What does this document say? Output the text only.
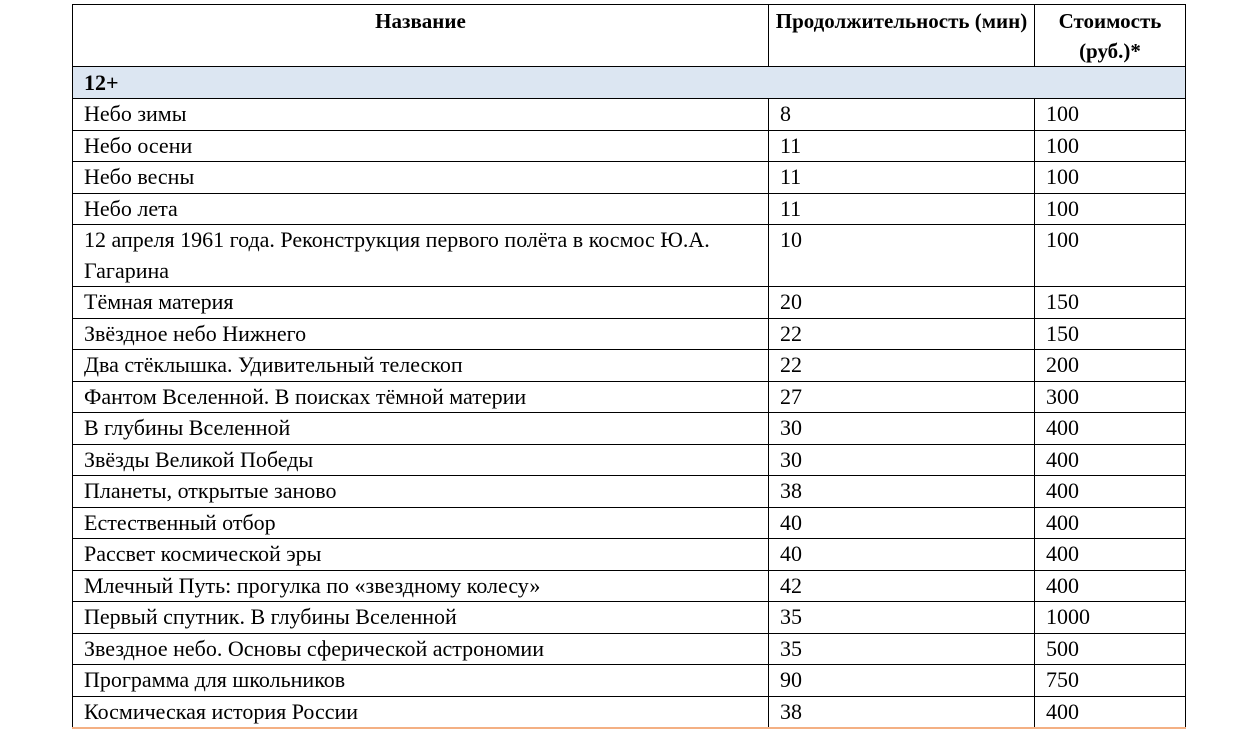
Название	Продолжительность (мин)	Стоимость (руб.)*
12+		
Небо зимы	8	100
Небо осени	11	100
Небо весны	11	100
Небо лета	11	100
12 апреля 1961 года. Реконструкция первого полёта в космос Ю.А. Гагарина	10	100
Тёмная материя	20	150
Звёздное небо Нижнего	22	150
Два стёклышка. Удивительный телескоп	22	200
Фантом Вселенной. В поисках тёмной материи	27	300
В глубины Вселенной	30	400
Звёзды Великой Победы	30	400
Планеты, открытые заново	38	400
Естественный отбор	40	400
Рассвет космической эры	40	400
Млечный Путь: прогулка по «звездному колесу»	42	400
Первый спутник. В глубины Вселенной	35	1000
Звездное небо. Основы сферической астрономии	35	500
Программа для школьников	90	750
Космическая история России	38	400
